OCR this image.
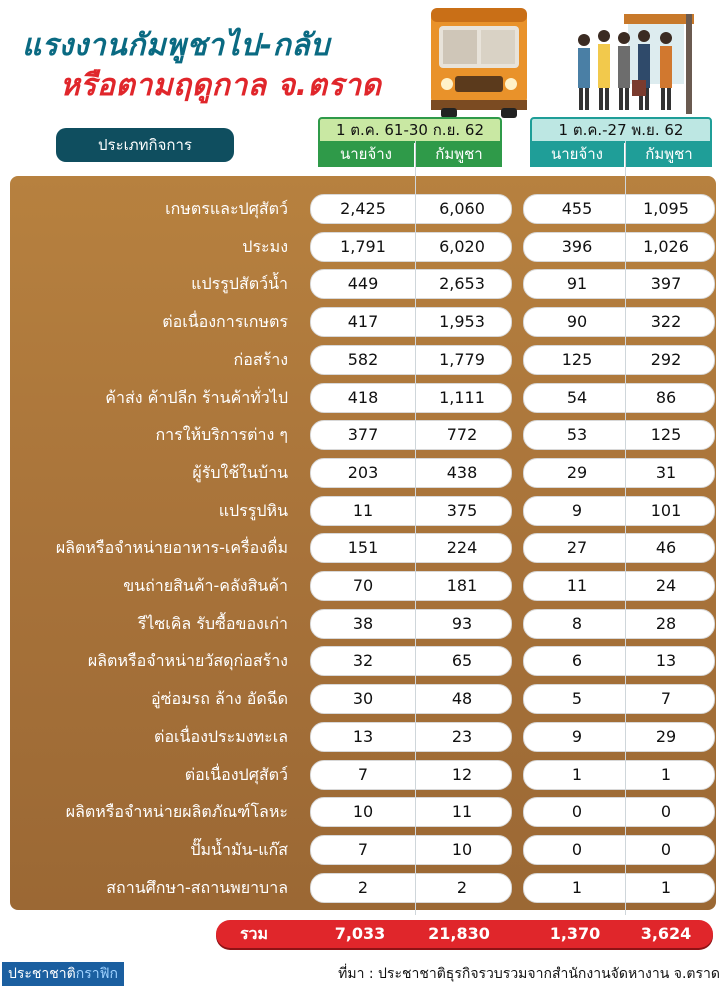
แรงงานกัมพูชาไป-กลับ
หรือตามฤดูกาล จ.ตราด
ประเภทกิจการ
1 ต.ค. 61-30 ก.ย. 62	1 ต.ค.-27 พ.ย. 62
นายจ้าง	กัมพูชา	นายจ้าง	กัมพูชา
เกษตรและปศุสัตว์	2,425	6,060	455	1,095
ประมง	1,791	6,020	396	1,026
แปรรูปสัตว์น้ำ	449	2,653	91	397
ต่อเนื่องการเกษตร	417	1,953	90	322
ก่อสร้าง	582	1,779	125	292
ค้าส่ง ค้าปลีก ร้านค้าทั่วไป	418	1,111	54	86
การให้บริการต่าง ๆ	377	772	53	125
ผู้รับใช้ในบ้าน	203	438	29	31
แปรรูปหิน	11	375	9	101
ผลิตหรือจำหน่ายอาหาร-เครื่องดื่ม	151	224	27	46
ขนถ่ายสินค้า-คลังสินค้า	70	181	11	24
รีไซเคิล รับซื้อของเก่า	38	93	8	28
ผลิตหรือจำหน่ายวัสดุก่อสร้าง	32	65	6	13
อู่ซ่อมรถ ล้าง อัดฉีด	30	48	5	7
ต่อเนื่องประมงทะเล	13	23	9	29
ต่อเนื่องปศุสัตว์	7	12	1	1
ผลิตหรือจำหน่ายผลิตภัณฑ์โลหะ	10	11	0	0
ปั๊มน้ำมัน-แก๊ส	7	10	0	0
สถานศึกษา-สถานพยาบาล	2	2	1	1
รวม	7,033	21,830	1,370	3,624
ประชาชาติกราฟิก	ที่มา : ประชาชาติธุรกิจรวบรวมจากสำนักงานจัดหางาน จ.ตราด
